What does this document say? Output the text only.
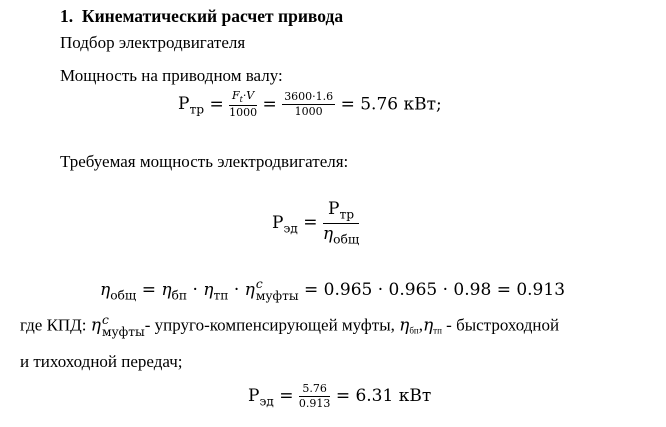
1. Кинематический расчет привода
Подбор электродвигателя
Мощность на приводном валу:
$P_{тр} = \frac{F_t\cdot V}{1000} = \frac{3600\cdot 1.6}{1000} = 5.76$ кВт;
Требуемая мощность электродвигателя:
$P_{эд} = \frac{P_{тр}}{\eta_{общ}}$
$\eta_{общ} = \eta_{бп} \cdot \eta_{тп} \cdot \eta$ c
муфты = 0.965 · 0.965 · 0.98 = 0.913
где КПД: η c
муфты - упруго-компенсирующей муфты, $\eta_{бп},\eta_{тп}$ - быстроходной
и тихоходной передач;
$P_{эд} = \frac{5.76}{0.913} = 6.31$ кВт
